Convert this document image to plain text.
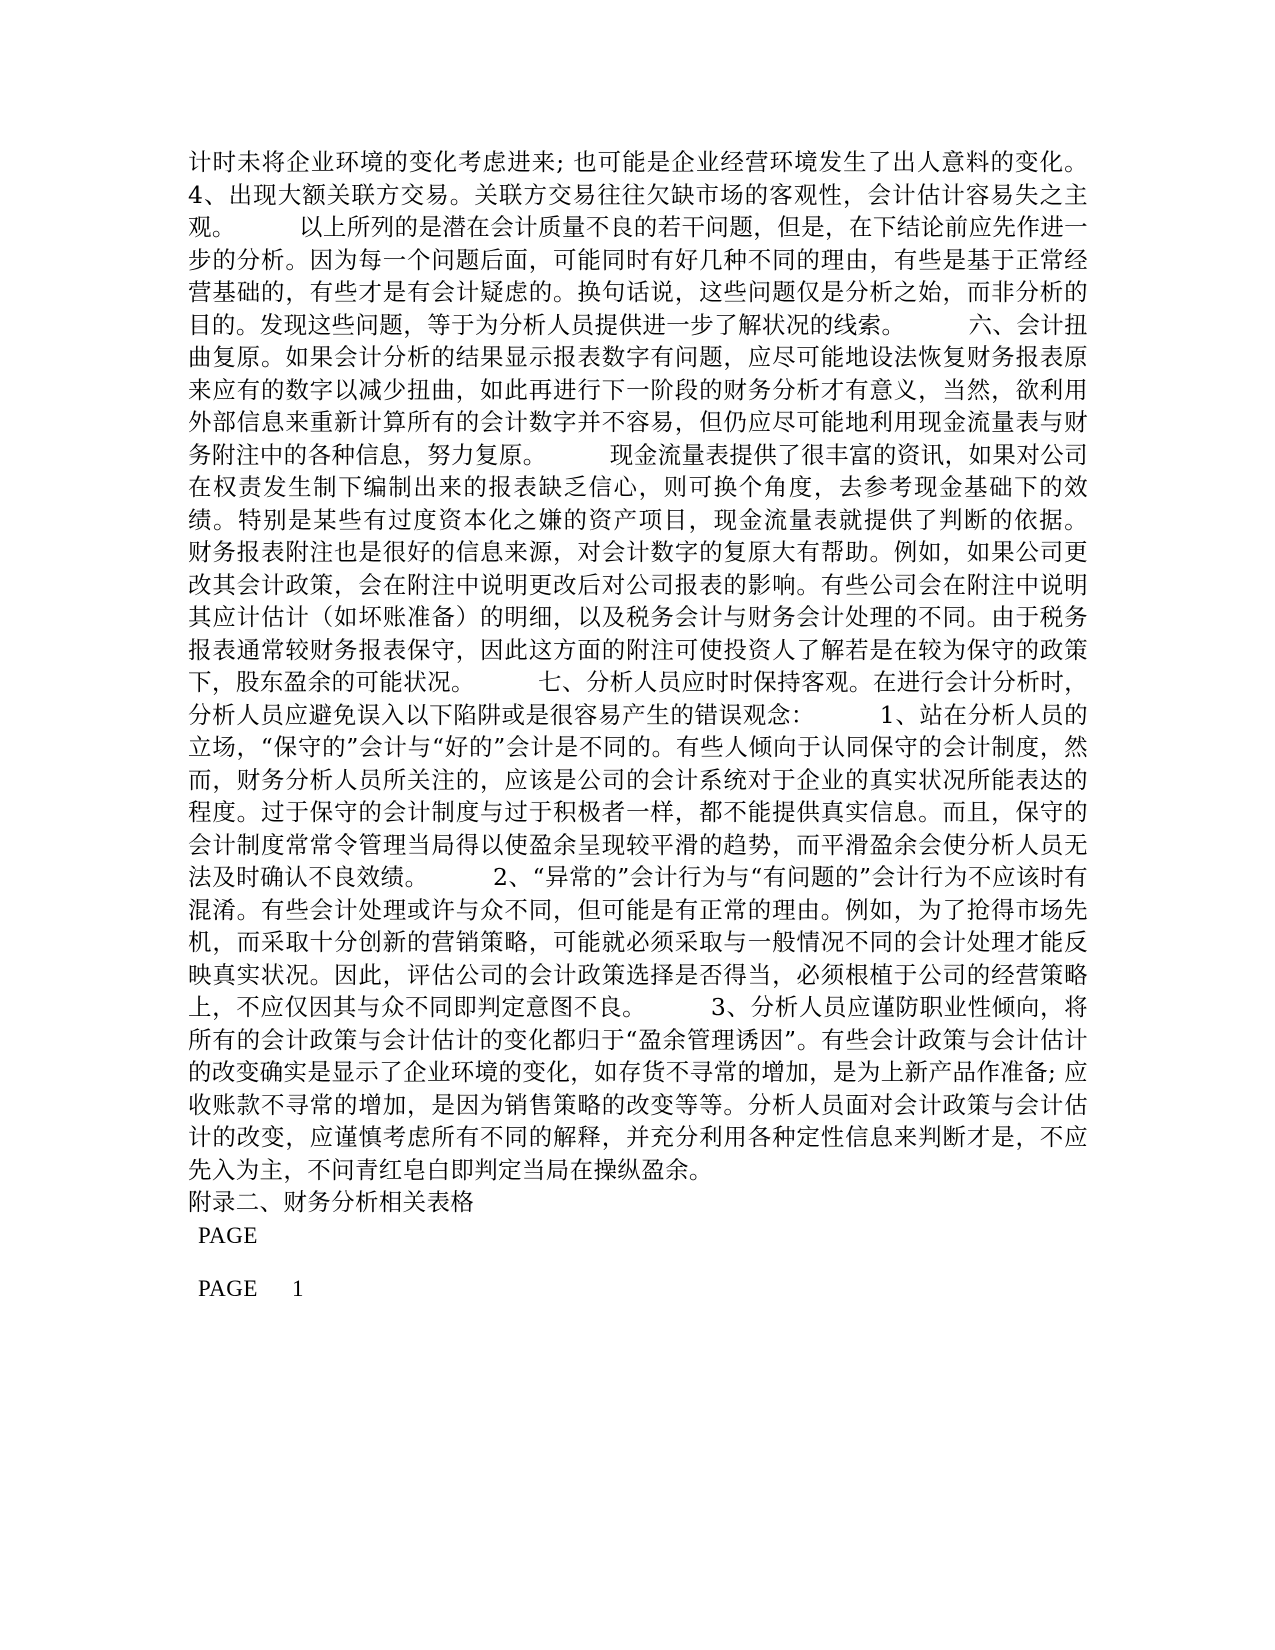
计时未将企业环境的变化考虑进来; 也可能是企业经营环境发生了出人意料的变化。4、出现大额关联方交易。关联方交易往往欠缺市场的客观性，会计估计容易失之主观。        以上所列的是潜在会计质量不良的若干问题，但是，在下结论前应先作进一步的分析。因为每一个问题后面，可能同时有好几种不同的理由，有些是基于正常经营基础的，有些才是有会计疑虑的。换句话说，这些问题仅是分析之始，而非分析的目的。发现这些问题，等于为分析人员提供进一步了解状况的线索。        六、会计扭曲复原。如果会计分析的结果显示报表数字有问题，应尽可能地设法恢复财务报表原来应有的数字以减少扭曲，如此再进行下一阶段的财务分析才有意义，当然，欲利用外部信息来重新计算所有的会计数字并不容易，但仍应尽可能地利用现金流量表与财务附注中的各种信息，努力复原。        现金流量表提供了很丰富的资讯，如果对公司在权责发生制下编制出来的报表缺乏信心，则可换个角度，去参考现金基础下的效绩。特别是某些有过度资本化之嫌的资产项目，现金流量表就提供了判断的依据。        财务报表附注也是很好的信息来源，对会计数字的复原大有帮助。例如，如果公司更改其会计政策，会在附注中说明更改后对公司报表的影响。有些公司会在附注中说明其应计估计（如坏账准备）的明细，以及税务会计与财务会计处理的不同。由于税务报表通常较财务报表保守，因此这方面的附注可使投资人了解若是在较为保守的政策下，股东盈余的可能状况。        七、分析人员应时时保持客观。在进行会计分析时，分析人员应避免误入以下陷阱或是很容易产生的错误观念：        1、站在分析人员的立场，“保守的”会计与“好的”会计是不同的。有些人倾向于认同保守的会计制度，然而，财务分析人员所关注的，应该是公司的会计系统对于企业的真实状况所能表达的程度。过于保守的会计制度与过于积极者一样，都不能提供真实信息。而且，保守的会计制度常常令管理当局得以使盈余呈现较平滑的趋势，而平滑盈余会使分析人员无法及时确认不良效绩。        2、“异常的”会计行为与“有问题的”会计行为不应该时有混淆。有些会计处理或许与众不同，但可能是有正常的理由。例如，为了抢得市场先机，而采取十分创新的营销策略，可能就必须采取与一般情况不同的会计处理才能反映真实状况。因此，评估公司的会计政策选择是否得当，必须根植于公司的经营策略上，不应仅因其与众不同即判定意图不良。        3、分析人员应谨防职业性倾向，将所有的会计政策与会计估计的变化都归于“盈余管理诱因”。有些会计政策与会计估计的改变确实是显示了企业环境的变化，如存货不寻常的增加，是为上新产品作准备; 应收账款不寻常的增加，是因为销售策略的改变等等。分析人员面对会计政策与会计估计的改变，应谨慎考虑所有不同的解释，并充分利用各种定性信息来判断才是，不应先入为主，不问青红皂白即判定当局在操纵盈余。

附录二、财务分析相关表格

PAGE

PAGE 1
